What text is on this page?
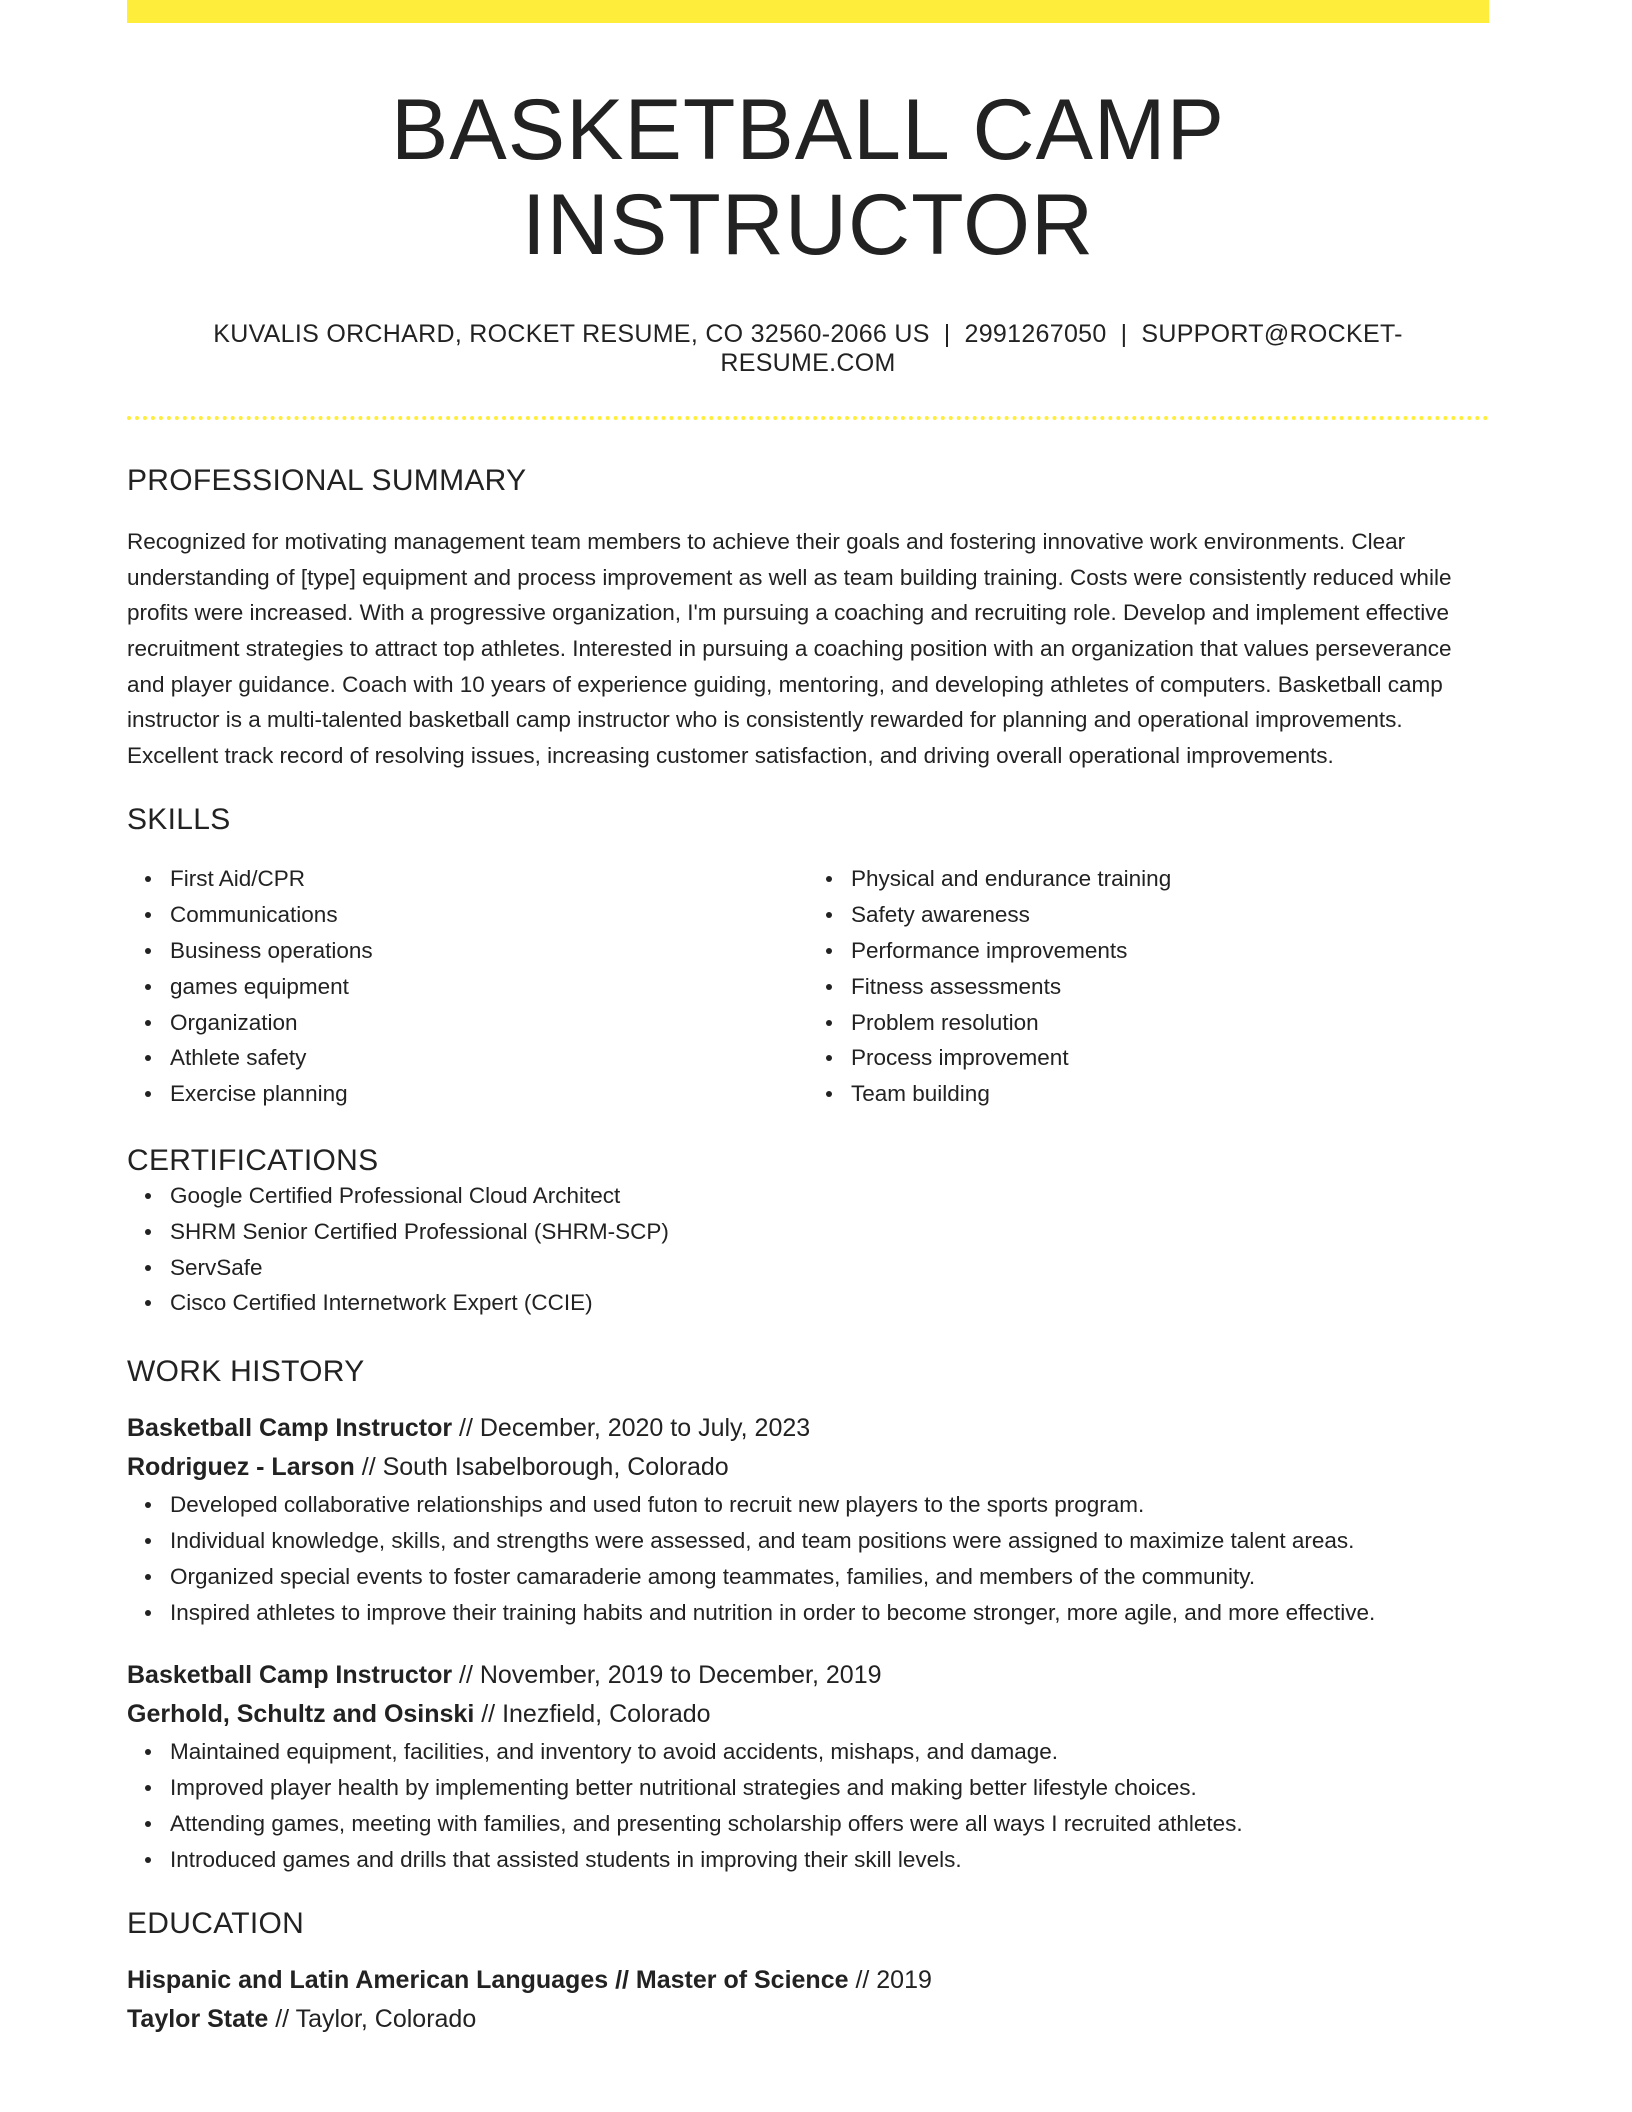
BASKETBALL CAMP INSTRUCTOR
KUVALIS ORCHARD, ROCKET RESUME, CO 32560-2066 US | 2991267050 | SUPPORT@ROCKET-RESUME.COM
PROFESSIONAL SUMMARY
Recognized for motivating management team members to achieve their goals and fostering innovative work environments. Clear understanding of [type] equipment and process improvement as well as team building training. Costs were consistently reduced while profits were increased. With a progressive organization, I'm pursuing a coaching and recruiting role. Develop and implement effective recruitment strategies to attract top athletes. Interested in pursuing a coaching position with an organization that values perseverance and player guidance. Coach with 10 years of experience guiding, mentoring, and developing athletes of computers. Basketball camp instructor is a multi-talented basketball camp instructor who is consistently rewarded for planning and operational improvements. Excellent track record of resolving issues, increasing customer satisfaction, and driving overall operational improvements.
SKILLS
First Aid/CPR
Communications
Business operations
games equipment
Organization
Athlete safety
Exercise planning
Physical and endurance training
Safety awareness
Performance improvements
Fitness assessments
Problem resolution
Process improvement
Team building
CERTIFICATIONS
Google Certified Professional Cloud Architect
SHRM Senior Certified Professional (SHRM-SCP)
ServSafe
Cisco Certified Internetwork Expert (CCIE)
WORK HISTORY
Basketball Camp Instructor // December, 2020 to July, 2023
Rodriguez - Larson // South Isabelborough, Colorado
Developed collaborative relationships and used futon to recruit new players to the sports program.
Individual knowledge, skills, and strengths were assessed, and team positions were assigned to maximize talent areas.
Organized special events to foster camaraderie among teammates, families, and members of the community.
Inspired athletes to improve their training habits and nutrition in order to become stronger, more agile, and more effective.
Basketball Camp Instructor // November, 2019 to December, 2019
Gerhold, Schultz and Osinski // Inezfield, Colorado
Maintained equipment, facilities, and inventory to avoid accidents, mishaps, and damage.
Improved player health by implementing better nutritional strategies and making better lifestyle choices.
Attending games, meeting with families, and presenting scholarship offers were all ways I recruited athletes.
Introduced games and drills that assisted students in improving their skill levels.
EDUCATION
Hispanic and Latin American Languages // Master of Science // 2019
Taylor State // Taylor, Colorado
